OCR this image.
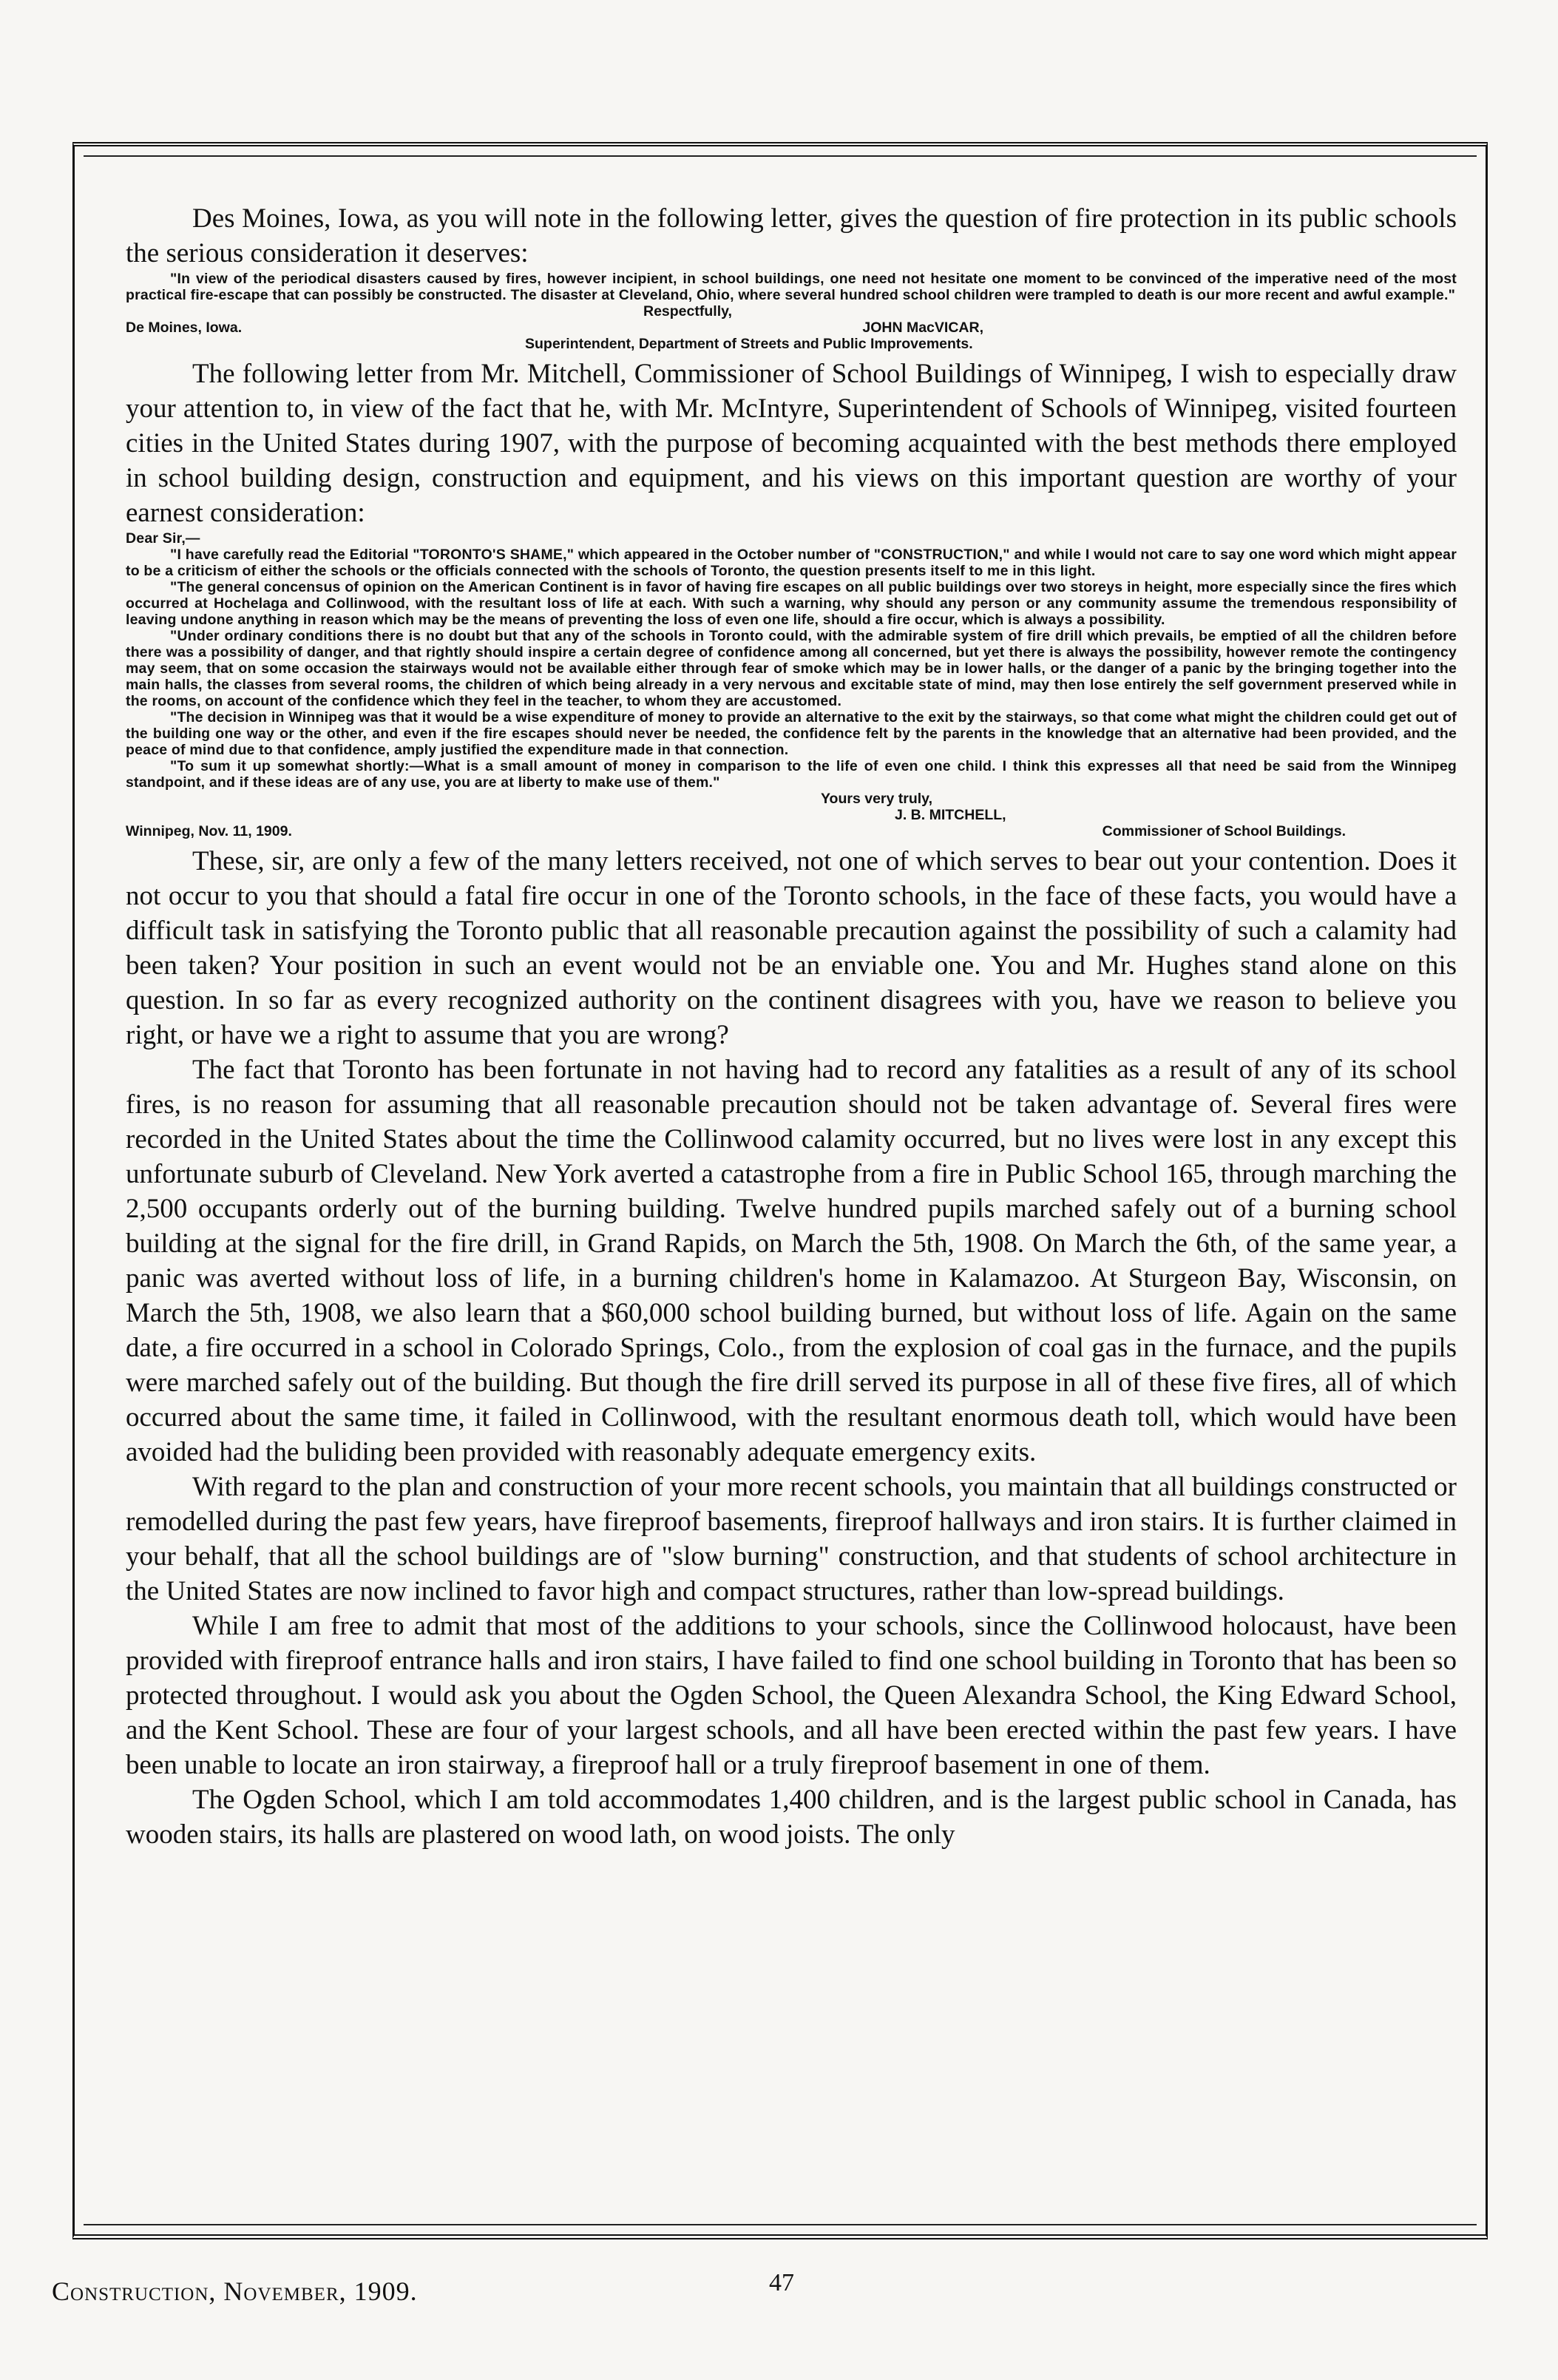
Des Moines, Iowa, as you will note in the following letter, gives the question of fire protection in its public schools the serious consideration it deserves:

"In view of the periodical disasters caused by fires, however incipient, in school buildings, one need not hesitate one moment to be convinced of the imperative need of the most practical fire-escape that can possibly be constructed. The disaster at Cleveland, Ohio, where several hundred school children were trampled to death is our more recent and awful example."

Respectfully,

De Moines, Iowa.	JOHN MacVICAR,

Superintendent, Department of Streets and Public Improvements.

The following letter from Mr. Mitchell, Commissioner of School Buildings of Winnipeg, I wish to especially draw your attention to, in view of the fact that he, with Mr. McIntyre, Superintendent of Schools of Winnipeg, visited fourteen cities in the United States during 1907, with the purpose of becoming acquainted with the best methods there employed in school building design, construction and equipment, and his views on this important question are worthy of your earnest consideration:

Dear Sir,—

"I have carefully read the Editorial "TORONTO'S SHAME," which appeared in the October number of "CONSTRUCTION," and while I would not care to say one word which might appear to be a criticism of either the schools or the officials connected with the schools of Toronto, the question presents itself to me in this light.

"The general concensus of opinion on the American Continent is in favor of having fire escapes on all public buildings over two storeys in height, more especially since the fires which occurred at Hochelaga and Collinwood, with the resultant loss of life at each. With such a warning, why should any person or any community assume the tremendous responsibility of leaving undone anything in reason which may be the means of preventing the loss of even one life, should a fire occur, which is always a possibility.

"Under ordinary conditions there is no doubt but that any of the schools in Toronto could, with the admirable system of fire drill which prevails, be emptied of all the children before there was a possibility of danger, and that rightly should inspire a certain degree of confidence among all concerned, but yet there is always the possibility, however remote the contingency may seem, that on some occasion the stairways would not be available either through fear of smoke which may be in lower halls, or the danger of a panic by the bringing together into the main halls, the classes from several rooms, the children of which being already in a very nervous and excitable state of mind, may then lose entirely the self government preserved while in the rooms, on account of the confidence which they feel in the teacher, to whom they are accustomed.

"The decision in Winnipeg was that it would be a wise expenditure of money to provide an alternative to the exit by the stairways, so that come what might the children could get out of the building one way or the other, and even if the fire escapes should never be needed, the confidence felt by the parents in the knowledge that an alternative had been provided, and the peace of mind due to that confidence, amply justified the expenditure made in that connection.

"To sum it up somewhat shortly:—What is a small amount of money in comparison to the life of even one child. I think this expresses all that need be said from the Winnipeg standpoint, and if these ideas are of any use, you are at liberty to make use of them."

Yours very truly,

J. B. MITCHELL,

Winnipeg, Nov. 11, 1909.	Commissioner of School Buildings.

These, sir, are only a few of the many letters received, not one of which serves to bear out your contention. Does it not occur to you that should a fatal fire occur in one of the Toronto schools, in the face of these facts, you would have a difficult task in satisfying the Toronto public that all reasonable precaution against the possibility of such a calamity had been taken? Your position in such an event would not be an enviable one. You and Mr. Hughes stand alone on this question. In so far as every recognized authority on the continent disagrees with you, have we reason to believe you right, or have we a right to assume that you are wrong?

The fact that Toronto has been fortunate in not having had to record any fatalities as a result of any of its school fires, is no reason for assuming that all reasonable precaution should not be taken advantage of. Several fires were recorded in the United States about the time the Collinwood calamity occurred, but no lives were lost in any except this unfortunate suburb of Cleveland. New York averted a catastrophe from a fire in Public School 165, through marching the 2,500 occupants orderly out of the burning building. Twelve hundred pupils marched safely out of a burning school building at the signal for the fire drill, in Grand Rapids, on March the 5th, 1908. On March the 6th, of the same year, a panic was averted without loss of life, in a burning children's home in Kalamazoo. At Sturgeon Bay, Wisconsin, on March the 5th, 1908, we also learn that a $60,000 school building burned, but without loss of life. Again on the same date, a fire occurred in a school in Colorado Springs, Colo., from the explosion of coal gas in the furnace, and the pupils were marched safely out of the building. But though the fire drill served its purpose in all of these five fires, all of which occurred about the same time, it failed in Collinwood, with the resultant enormous death toll, which would have been avoided had the buliding been provided with reasonably adequate emergency exits.

With regard to the plan and construction of your more recent schools, you maintain that all buildings constructed or remodelled during the past few years, have fireproof basements, fireproof hallways and iron stairs. It is further claimed in your behalf, that all the school buildings are of "slow burning" construction, and that students of school architecture in the United States are now inclined to favor high and compact structures, rather than low-spread buildings.

While I am free to admit that most of the additions to your schools, since the Collinwood holocaust, have been provided with fireproof entrance halls and iron stairs, I have failed to find one school building in Toronto that has been so protected throughout. I would ask you about the Ogden School, the Queen Alexandra School, the King Edward School, and the Kent School. These are four of your largest schools, and all have been erected within the past few years. I have been unable to locate an iron stairway, a fireproof hall or a truly fireproof basement in one of them.

The Ogden School, which I am told accommodates 1,400 children, and is the largest public school in Canada, has wooden stairs, its halls are plastered on wood lath, on wood joists. The only

Construction, November, 1909.	47
